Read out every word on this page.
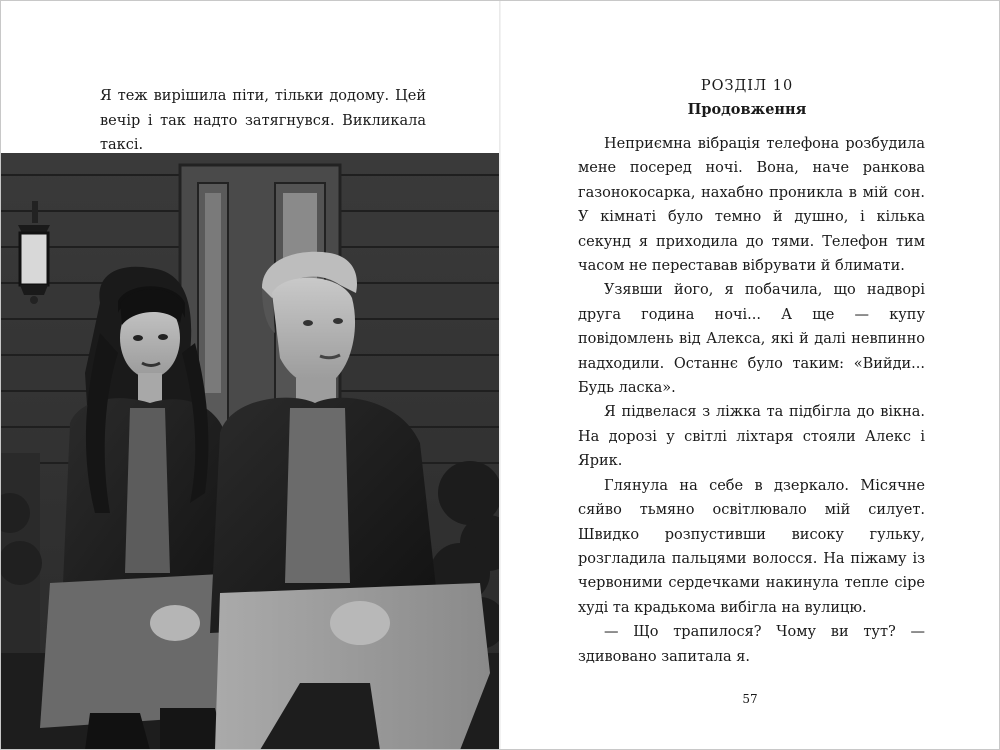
Я теж вирішила піти, тільки додому. Цей вечір і так надто затягнувся. Викликала таксі.

РОЗДІЛ 10
Продовження

Неприємна вібрація телефона розбудила мене посеред ночі. Вона, наче ранкова газонокосарка, нахабно проникла в мій сон. У кімнаті було темно й душно, і кілька секунд я приходила до тями. Телефон тим часом не переставав вібрувати й блимати.

Узявши його, я побачила, що надворі друга година ночі... А ще — купу повідомлень від Алекса, які й далі невпинно надходили. Останнє було таким: «Вийди... Будь ласка».

Я підвелася з ліжка та підбігла до вікна. На дорозі у світлі ліхтаря стояли Алекс і Ярик.

Глянула на себе в дзеркало. Місячне сяйво тьмяно освітлювало мій силует. Швидко розпустивши високу гульку, розгладила пальцями волосся. На піжаму із червоними сердечками накинула тепле сіре худі та крадькома вибігла на вулицю.

— Що трапилося? Чому ви тут? — здивовано запитала я.

57
